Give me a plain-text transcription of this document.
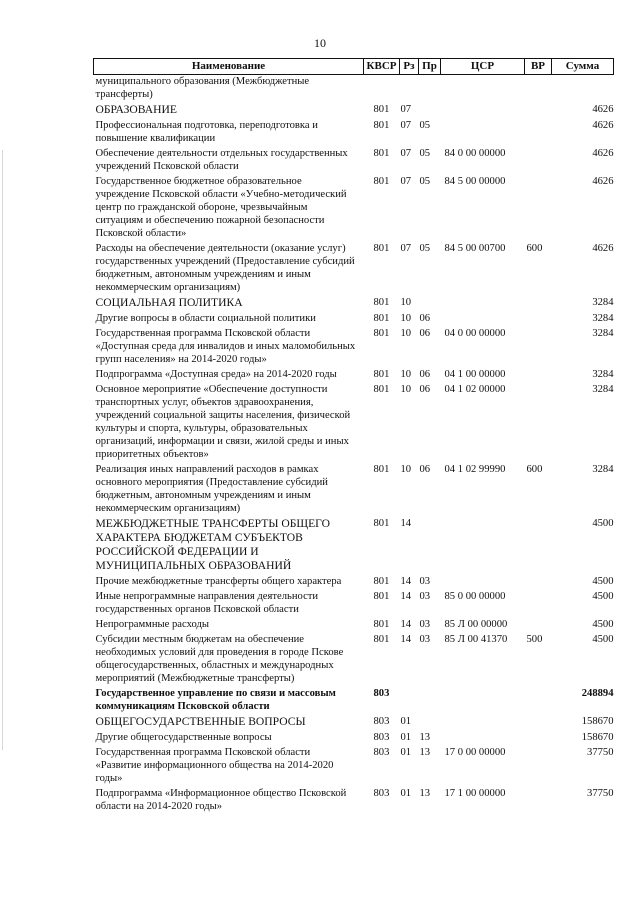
10
Наименование	КВСР	Рз	Пр	ЦСР	ВР	Сумма
муниципального образования (Межбюджетные трансферты)						
ОБРАЗОВАНИЕ	801	07				4626
Профессиональная подготовка, переподготовка и повышение квалификации	801	07	05			4626
Обеспечение деятельности отдельных государственных учреждений Псковской области	801	07	05	84 0 00 00000		4626
Государственное бюджетное образовательное учреждение Псковской области «Учебно-методический центр по гражданской обороне, чрезвычайным ситуациям и обеспечению пожарной безопасности Псковской области»	801	07	05	84 5 00 00000		4626
Расходы на обеспечение деятельности (оказание услуг) государственных учреждений (Предоставление субсидий бюджетным, автономным учреждениям и иным некоммерческим организациям)	801	07	05	84 5 00 00700	600	4626
СОЦИАЛЬНАЯ ПОЛИТИКА	801	10				3284
Другие вопросы в области социальной политики	801	10	06			3284
Государственная программа Псковской области «Доступная среда для инвалидов и иных маломобильных групп населения» на 2014-2020 годы»	801	10	06	04 0 00 00000		3284
Подпрограмма «Доступная среда» на 2014-2020 годы	801	10	06	04 1 00 00000		3284
Основное мероприятие «Обеспечение доступности транспортных услуг, объектов здравоохранения, учреждений социальной защиты населения, физической культуры и спорта, культуры, образовательных организаций, информации и связи, жилой среды и иных приоритетных объектов»	801	10	06	04 1 02 00000		3284
Реализация иных направлений расходов в рамках основного мероприятия (Предоставление субсидий бюджетным, автономным учреждениям и иным некоммерческим организациям)	801	10	06	04 1 02 99990	600	3284
МЕЖБЮДЖЕТНЫЕ ТРАНСФЕРТЫ ОБЩЕГО ХАРАКТЕРА БЮДЖЕТАМ СУБЪЕКТОВ РОССИЙСКОЙ ФЕДЕРАЦИИ И МУНИЦИПАЛЬНЫХ ОБРАЗОВАНИЙ	801	14				4500
Прочие межбюджетные трансферты общего характера	801	14	03			4500
Иные непрограммные направления деятельности государственных органов Псковской области	801	14	03	85 0 00 00000		4500
Непрограммные расходы	801	14	03	85 Л 00 00000		4500
Субсидии местным бюджетам на обеспечение необходимых условий для проведения в городе Пскове общегосударственных, областных и международных мероприятий (Межбюджетные трансферты)	801	14	03	85 Л 00 41370	500	4500
Государственное управление по связи и массовым коммуникациям Псковской области	803					248894
ОБЩЕГОСУДАРСТВЕННЫЕ ВОПРОСЫ	803	01				158670
Другие общегосударственные вопросы	803	01	13			158670
Государственная программа Псковской области «Развитие информационного общества на 2014-2020 годы»	803	01	13	17 0 00 00000		37750
Подпрограмма «Информационное общество Псковской области на 2014-2020 годы»	803	01	13	17 1 00 00000		37750
